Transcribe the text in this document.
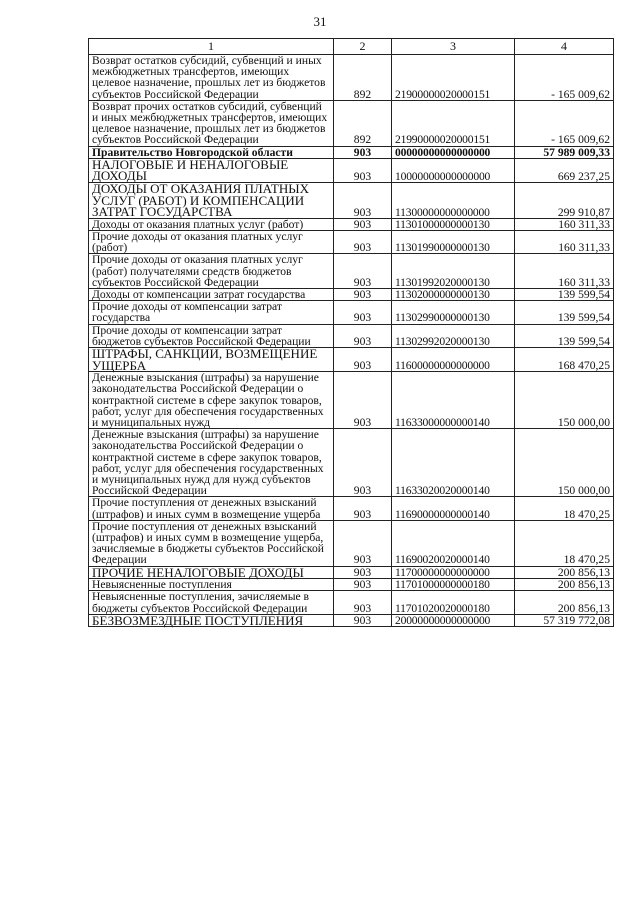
31
1	2	3	4
Возврат остатков субсидий, субвенций и иных межбюджетных трансфертов, имеющих целевое назначение, прошлых лет из бюджетов субъектов Российской Федерации	892	21900000020000151	- 165 009,62
Возврат прочих остатков субсидий, субвенций и иных межбюджетных трансфертов, имеющих целевое назначение, прошлых лет из бюджетов субъектов Российской Федерации	892	21990000020000151	- 165 009,62
Правительство Новгородской области	903	00000000000000000	57 989 009,33
НАЛОГОВЫЕ И НЕНАЛОГОВЫЕ ДОХОДЫ	903	10000000000000000	669 237,25
ДОХОДЫ ОТ ОКАЗАНИЯ ПЛАТНЫХ УСЛУГ (РАБОТ) И КОМПЕНСАЦИИ ЗАТРАТ ГОСУДАРСТВА	903	11300000000000000	299 910,87
Доходы от оказания платных услуг (работ)	903	11301000000000130	160 311,33
Прочие доходы от оказания платных услуг (работ)	903	11301990000000130	160 311,33
Прочие доходы от оказания платных услуг (работ) получателями средств бюджетов субъектов Российской Федерации	903	11301992020000130	160 311,33
Доходы от компенсации затрат государства	903	11302000000000130	139 599,54
Прочие доходы от компенсации затрат государства	903	11302990000000130	139 599,54
Прочие доходы от компенсации затрат бюджетов субъектов Российской Федерации	903	11302992020000130	139 599,54
ШТРАФЫ, САНКЦИИ, ВОЗМЕЩЕНИЕ УЩЕРБА	903	11600000000000000	168 470,25
Денежные взыскания (штрафы) за нарушение законодательства Российской Федерации о контрактной системе в сфере закупок товаров, работ, услуг для обеспечения государственных и муниципальных нужд	903	11633000000000140	150 000,00
Денежные взыскания (штрафы) за нарушение законодательства Российской Федерации о контрактной системе в сфере закупок товаров, работ, услуг для обеспечения государственных и муниципальных нужд для нужд субъектов Российской Федерации	903	11633020020000140	150 000,00
Прочие поступления от денежных взысканий (штрафов) и иных сумм в возмещение ущерба	903	11690000000000140	18 470,25
Прочие поступления от денежных взысканий (штрафов) и иных сумм в возмещение ущерба, зачисляемые в бюджеты субъектов Российской Федерации	903	11690020020000140	18 470,25
ПРОЧИЕ НЕНАЛОГОВЫЕ ДОХОДЫ	903	11700000000000000	200 856,13
Невыясненные поступления	903	11701000000000180	200 856,13
Невыясненные поступления, зачисляемые в бюджеты субъектов Российской Федерации	903	11701020020000180	200 856,13
БЕЗВОЗМЕЗДНЫЕ ПОСТУПЛЕНИЯ	903	20000000000000000	57 319 772,08
